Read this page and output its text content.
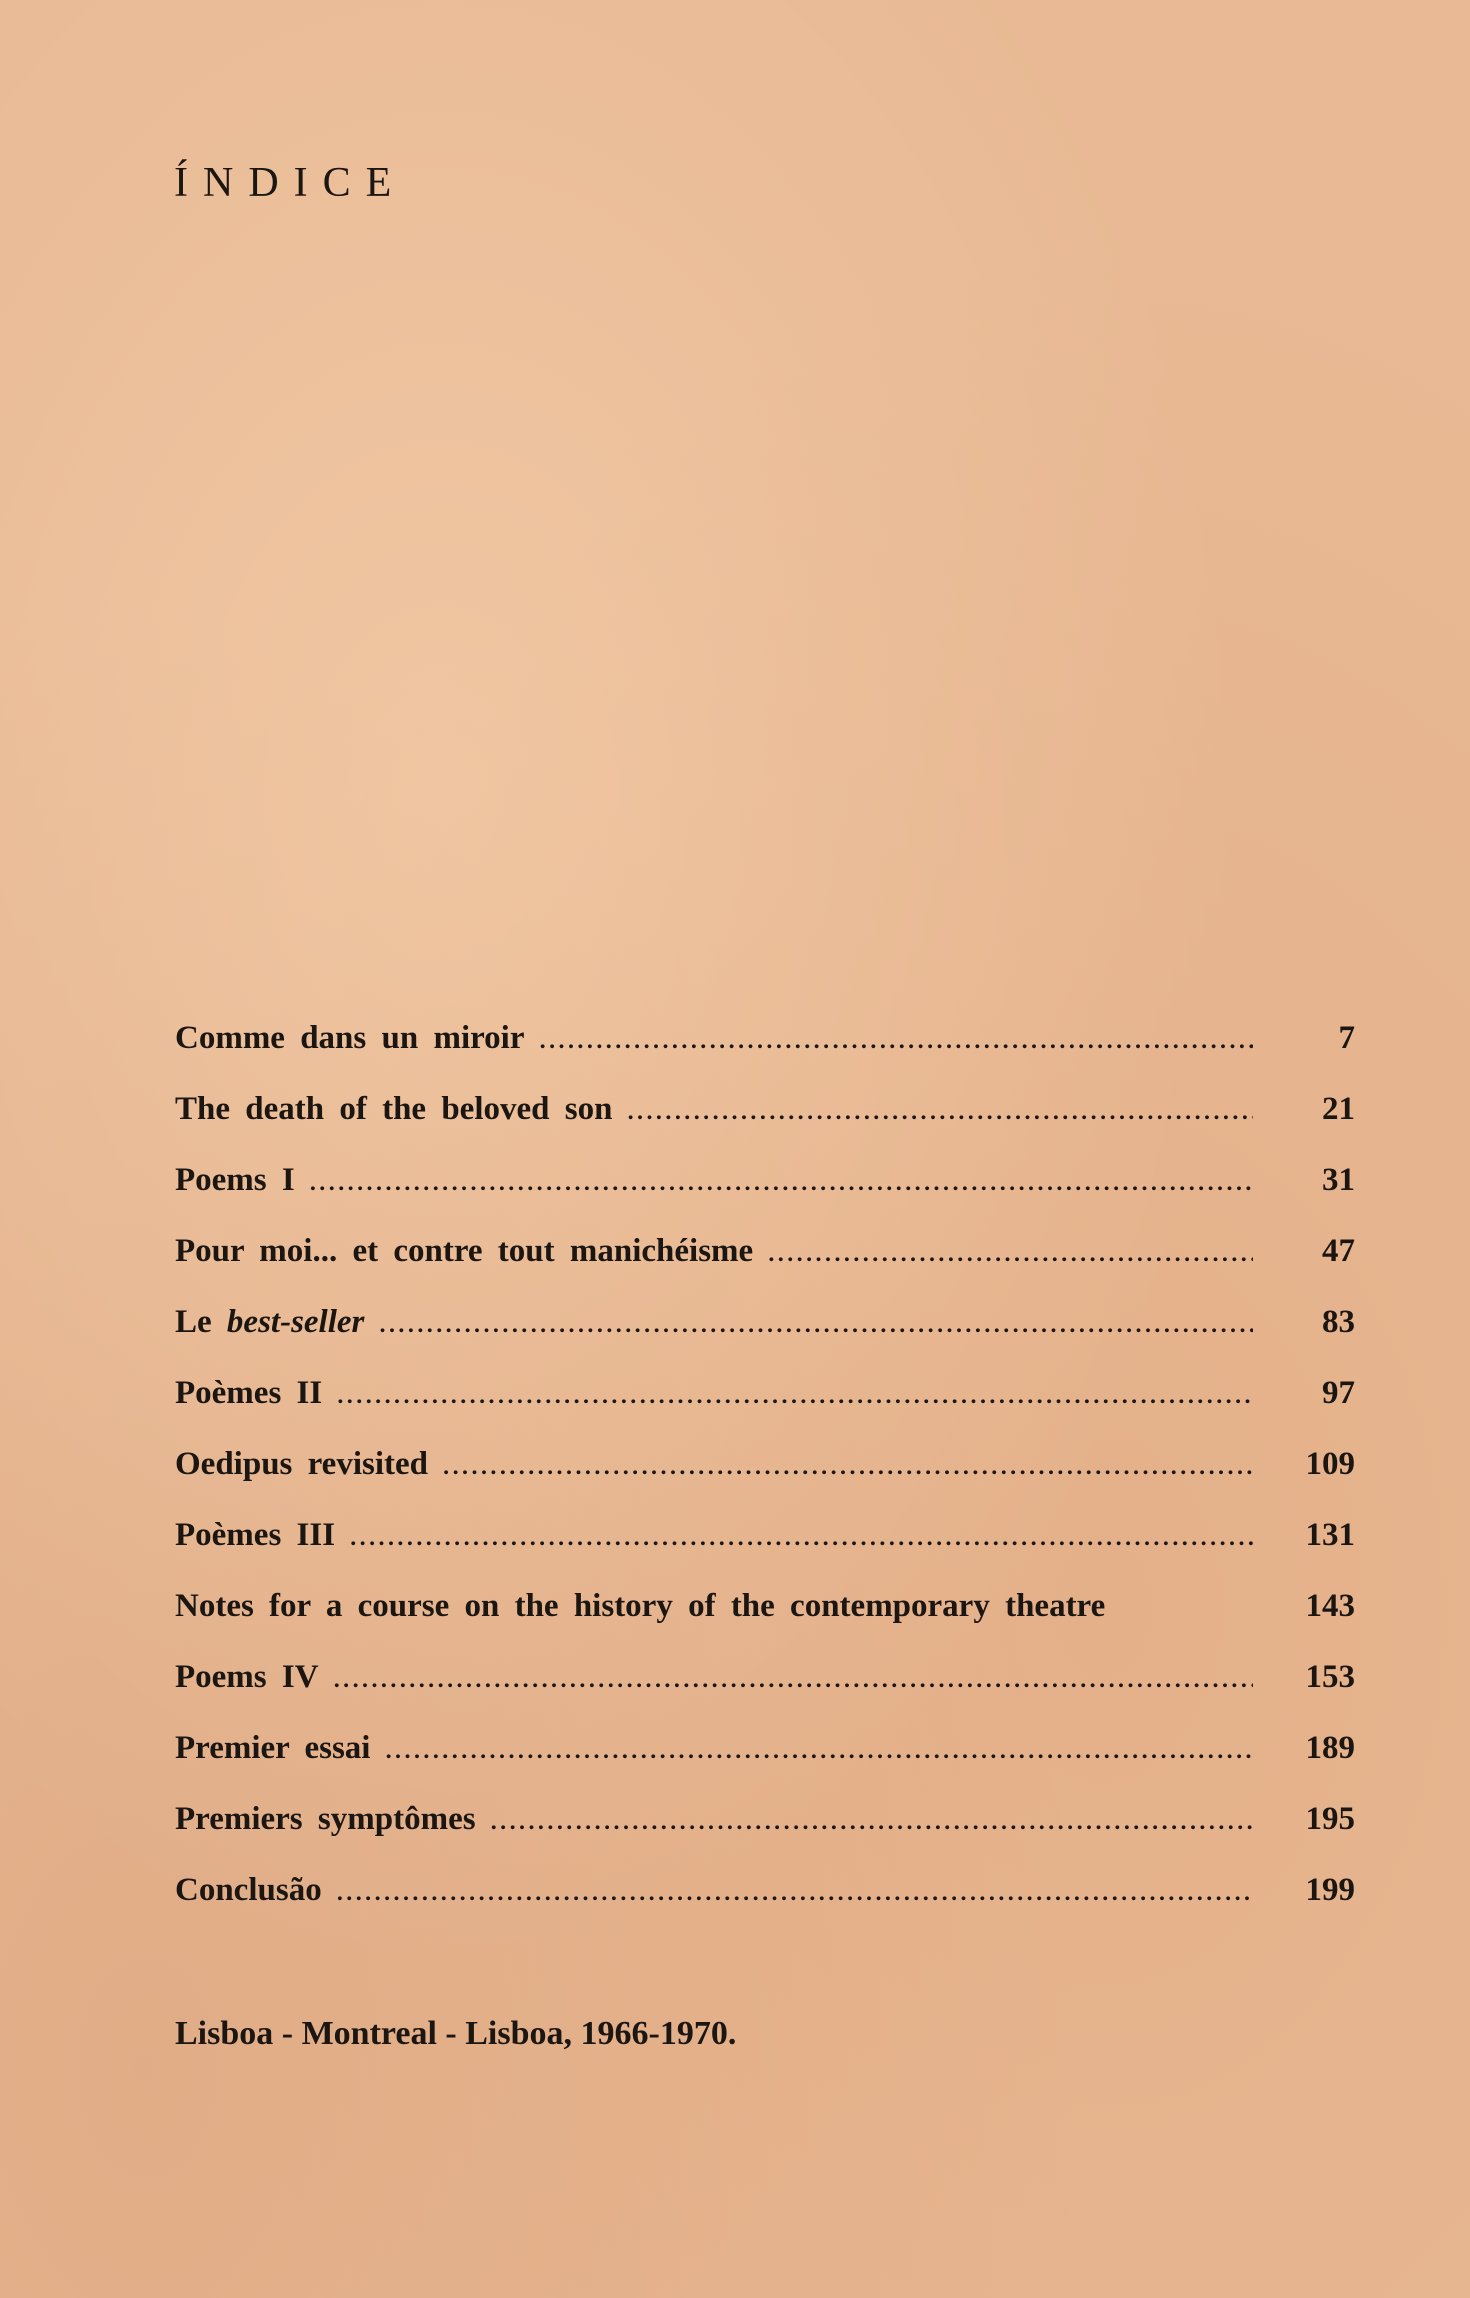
ÍNDICE
Comme dans un miroir .....	7
The death of the beloved son .....	21
Poems I .....	31
Pour moi... et contre tout manichéisme .....	47
Le best-seller .....	83
Poèmes II .....	97
Oedipus revisited .....	109
Poèmes III .....	131
Notes for a course on the history of the contemporary theatre	143
Poems IV .....	153
Premier essai .....	189
Premiers symptômes .....	195
Conclusão .....	199

Lisboa - Montreal - Lisboa, 1966-1970.
